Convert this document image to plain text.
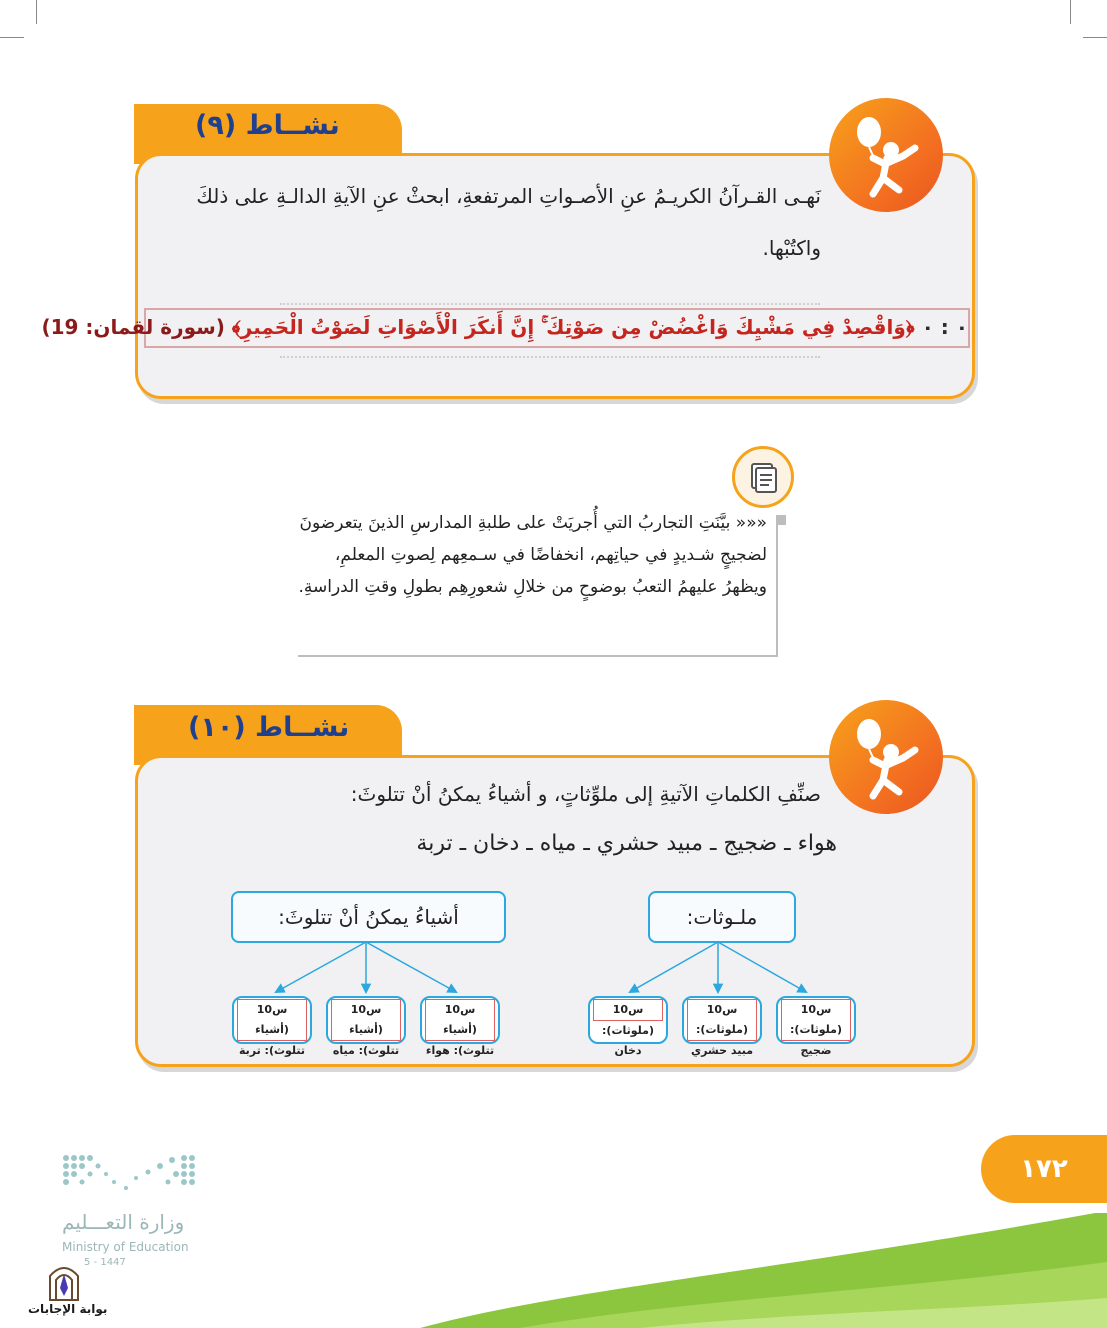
نشــاط (٩)
نَهـى القـرآنُ الكريـمُ عنِ الأصـواتِ المرتفعةِ، ابحثْ عنِ الآيةِ الدالـةِ على ذلكَ
واكتُبْها.
٠ : ٠ ﴿وَاقْصِدْ فِي مَشْيِكَ وَاغْضُضْ مِن صَوْتِكَ ۚ إِنَّ أَنكَرَ الْأَصْوَاتِ لَصَوْتُ الْحَمِيرِ﴾ (سورة لقمان: 19)
««« بيَّنَتِ التجاربُ التي أُجريَتْ على طلبةِ المدارسِ الذينَ يتعرضونَ
لضجيجٍ شـديدٍ في حياتِهم، انخفاضًا في سـمعِهم لِصوتِ المعلمِ،
ويظهرُ عليهمُ التعبُ بوضوحٍ من خلالِ شعورِهِم بطولِ وقتِ الدراسةِ.
نشــاط (١٠)
صنِّفِ الكلماتِ الآتيةِ إلى ملوِّثاتٍ، و أشياءُ يمكنُ أنْ تتلوثَ:
هواء ـ ضجيج ـ مبيد حشري ـ مياه ـ دخان ـ تربة
ملـوثات:
أشياءُ يمكنُ أنْ تتلوثَ:
س10 (ملوثات):
ضجيج
س10 (ملوثات):
مبيد حشري
س10
(ملوثات): دخان
س10 (أشياء
تتلوث): هواء
س10 (أشياء
تتلوث): مياه
س10 (أشياء
تتلوث): تربة
١٧٢
وزارة التعـــليم
Ministry of Education
5 - 1447
بوابة الإجابات
